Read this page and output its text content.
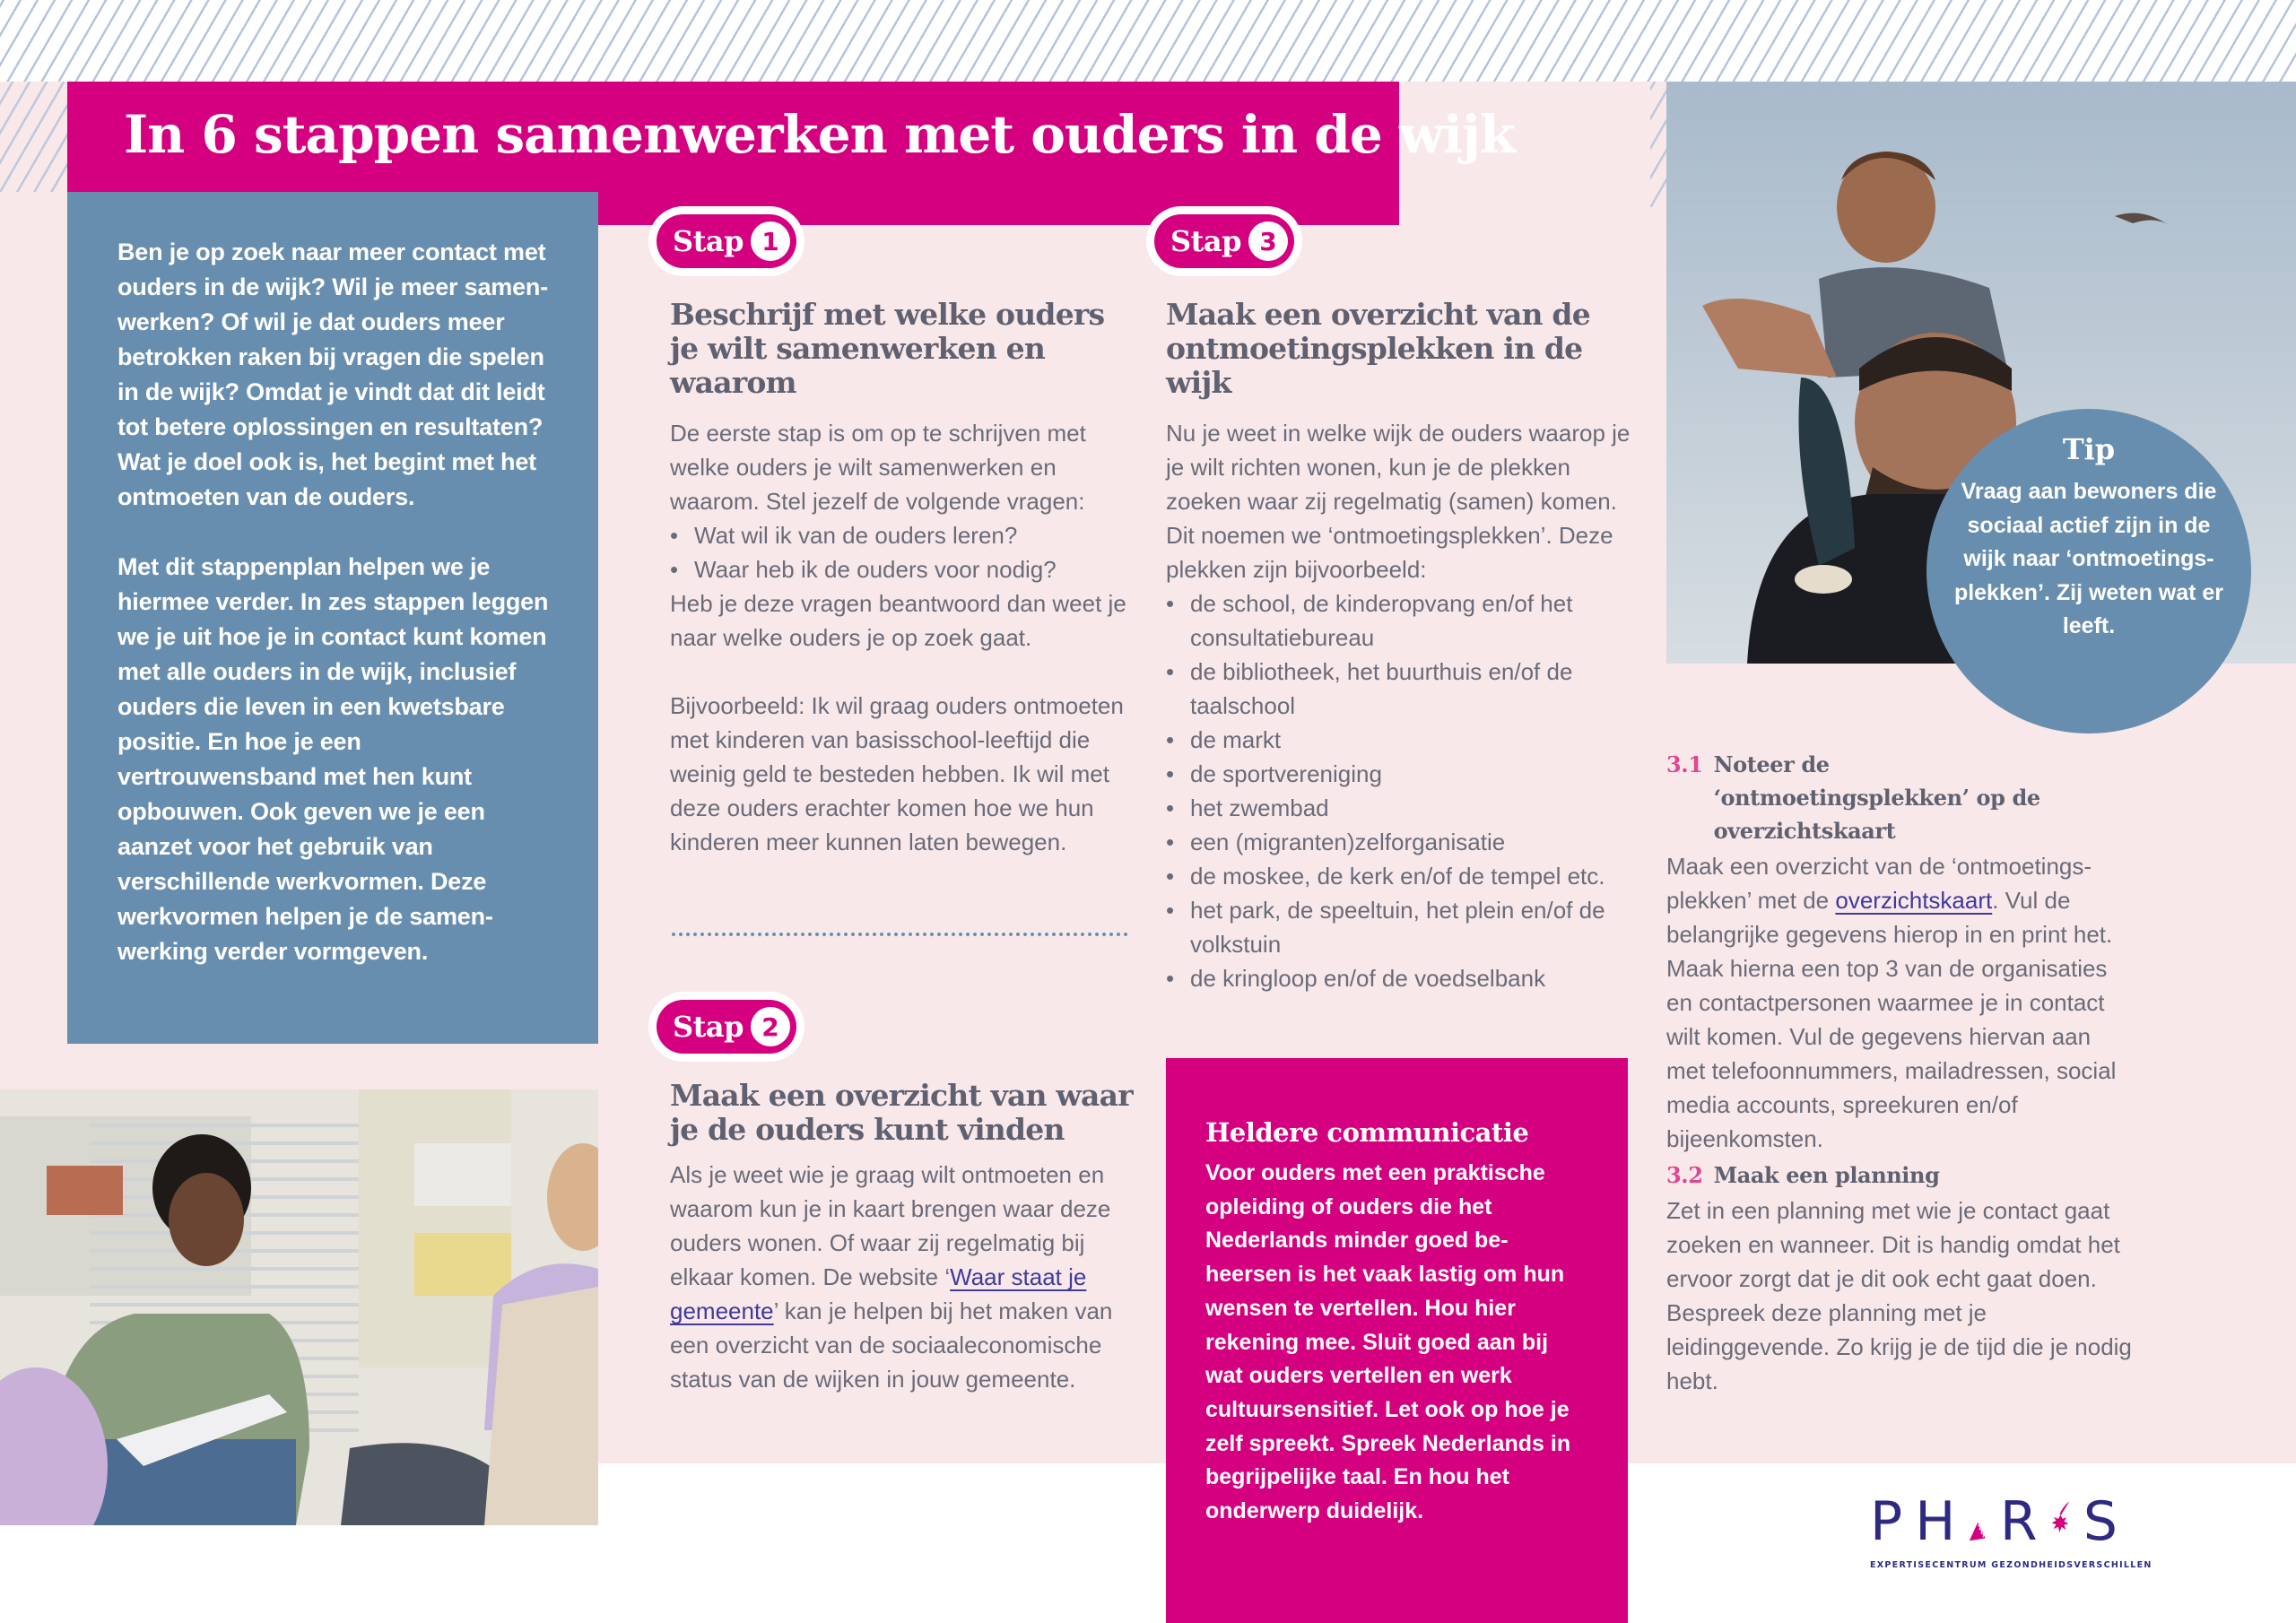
In 6 stappen samenwerken met ouders in de wijk

Ben je op zoek naar meer contact met ouders in de wijk? Wil je meer samen-werken? Of wil je dat ouders meer betrokken raken bij vragen die spelen in de wijk? Omdat je vindt dat dit leidt tot betere oplossingen en resultaten? Wat je doel ook is, het begint met het ontmoeten van de ouders.

Met dit stappenplan helpen we je hiermee verder. In zes stappen leggen we je uit hoe je in contact kunt komen met alle ouders in de wijk, inclusief ouders die leven in een kwetsbare positie. En hoe je een vertrouwensband met hen kunt opbouwen. Ook geven we je een aanzet voor het gebruik van verschillende werkvormen. Deze werkvormen helpen je de samen-werking verder vormgeven.

Tip
Vraag aan bewoners die sociaal actief zijn in de wijk naar ‘ontmoetings-plekken’. Zij weten wat er leeft.
Stap 1
Beschrijf met welke ouders je wilt samenwerken en waarom

De eerste stap is om op te schrijven met welke ouders je wilt samenwerken en waarom. Stel jezelf de volgende vragen:

• Wat wil ik van de ouders leren?
• Waar heb ik de ouders voor nodig?
Heb je deze vragen beantwoord dan weet je naar welke ouders je op zoek gaat.

Bijvoorbeeld: Ik wil graag ouders ontmoeten met kinderen van basisschool-leeftijd die weinig geld te besteden hebben. Ik wil met deze ouders erachter komen hoe we hun kinderen meer kunnen laten bewegen.

Stap 2
Maak een overzicht van waar je de ouders kunt vinden
Als je weet wie je graag wilt ontmoeten en waarom kun je in kaart brengen waar deze ouders wonen. Of waar zij regelmatig bij elkaar komen. De website ‘Waar staat je gemeente’ kan je helpen bij het maken van een overzicht van de sociaaleconomische status van de wijken in jouw gemeente.
Stap 3
Maak een overzicht van de ontmoetingsplekken in de wijk

Nu je weet in welke wijk de ouders waarop je je wilt richten wonen, kun je de plekken zoeken waar zij regelmatig (samen) komen. Dit noemen we ‘ontmoetingsplekken’. Deze plekken zijn bijvoorbeeld:

• de school, de kinderopvang en/of het consultatiebureau
• de bibliotheek, het buurthuis en/of de taalschool
• de markt
• de sportvereniging
• het zwembad
• een (migranten)zelforganisatie
• de moskee, de kerk en/of de tempel etc.
• het park, de speeltuin, het plein en/of de volkstuin
• de kringloop en/of de voedselbank
Heldere communicatie

Voor ouders met een praktische opleiding of ouders die het Nederlands minder goed be-heersen is het vaak lastig om hun wensen te vertellen. Hou hier rekening mee. Sluit goed aan bij wat ouders vertellen en werk cultuursensitief. Let ook op hoe je zelf spreekt. Spreek Nederlands in begrijpelijke taal. En hou het onderwerp duidelijk.

3.1 Noteer de ‘ontmoetingsplekken’ op de overzichtskaart
Maak een overzicht van de ‘ontmoetings-plekken’ met de overzichtskaart. Vul de belangrijke gegevens hierop in en print het. Maak hierna een top 3 van de organisaties en contactpersonen waarmee je in contact wilt komen. Vul de gegevens hiervan aan met telefoonnummers, mailadressen, social media accounts, spreekuren en/of bijeenkomsten.
3.2 Maak een planning
Zet in een planning met wie je contact gaat zoeken en wanneer. Dit is handig omdat het ervoor zorgt dat je dit ook echt gaat doen. Bespreek deze planning met je leidinggevende. Zo krijg je de tijd die je nodig hebt.
P H R S
EXPERTISECENTRUM GEZONDHEIDSVERSCHILLEN
